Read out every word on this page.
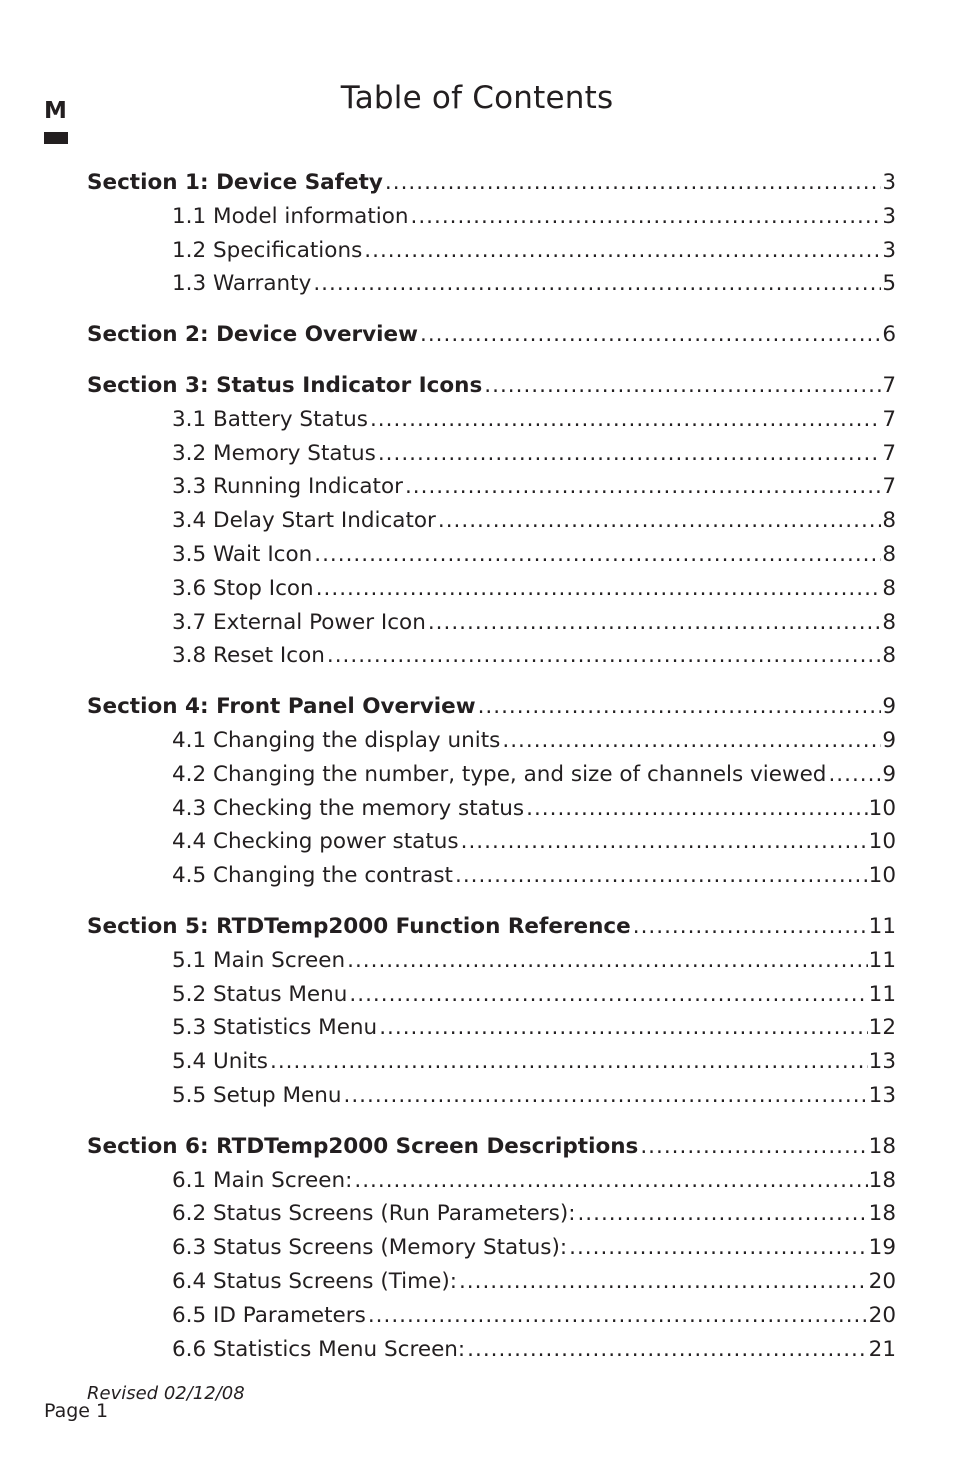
M	Table of Contents
Section 1: Device Safety .....	3
1.1 Model information .....	3
1.2 Specifications .....	3
1.3 Warranty .....	5
Section 2: Device Overview .....	6
Section 3: Status Indicator Icons .....	7
3.1 Battery Status .....	7
3.2 Memory Status .....	7
3.3 Running Indicator .....	7
3.4 Delay Start Indicator .....	8
3.5 Wait Icon .....	8
3.6 Stop Icon .....	8
3.7 External Power Icon .....	8
3.8 Reset Icon .....	8
Section 4: Front Panel Overview .....	9
4.1 Changing the display units .....	9
4.2 Changing the number, type, and size of channels viewed .....	9
4.3 Checking the memory status .....	10
4.4 Checking power status .....	10
4.5 Changing the contrast .....	10
Section 5: RTDTemp2000 Function Reference .....	11
5.1 Main Screen .....	11
5.2 Status Menu .....	11
5.3 Statistics Menu .....	12
5.4 Units .....	13
5.5 Setup Menu .....	13
Section 6: RTDTemp2000 Screen Descriptions .....	18
6.1 Main Screen: .....	18
6.2 Status Screens (Run Parameters): .....	18
6.3 Status Screens (Memory Status): .....	19
6.4 Status Screens (Time): .....	20
6.5 ID Parameters .....	20
6.6 Statistics Menu Screen: .....	21
Revised 02/12/08
Page 1
